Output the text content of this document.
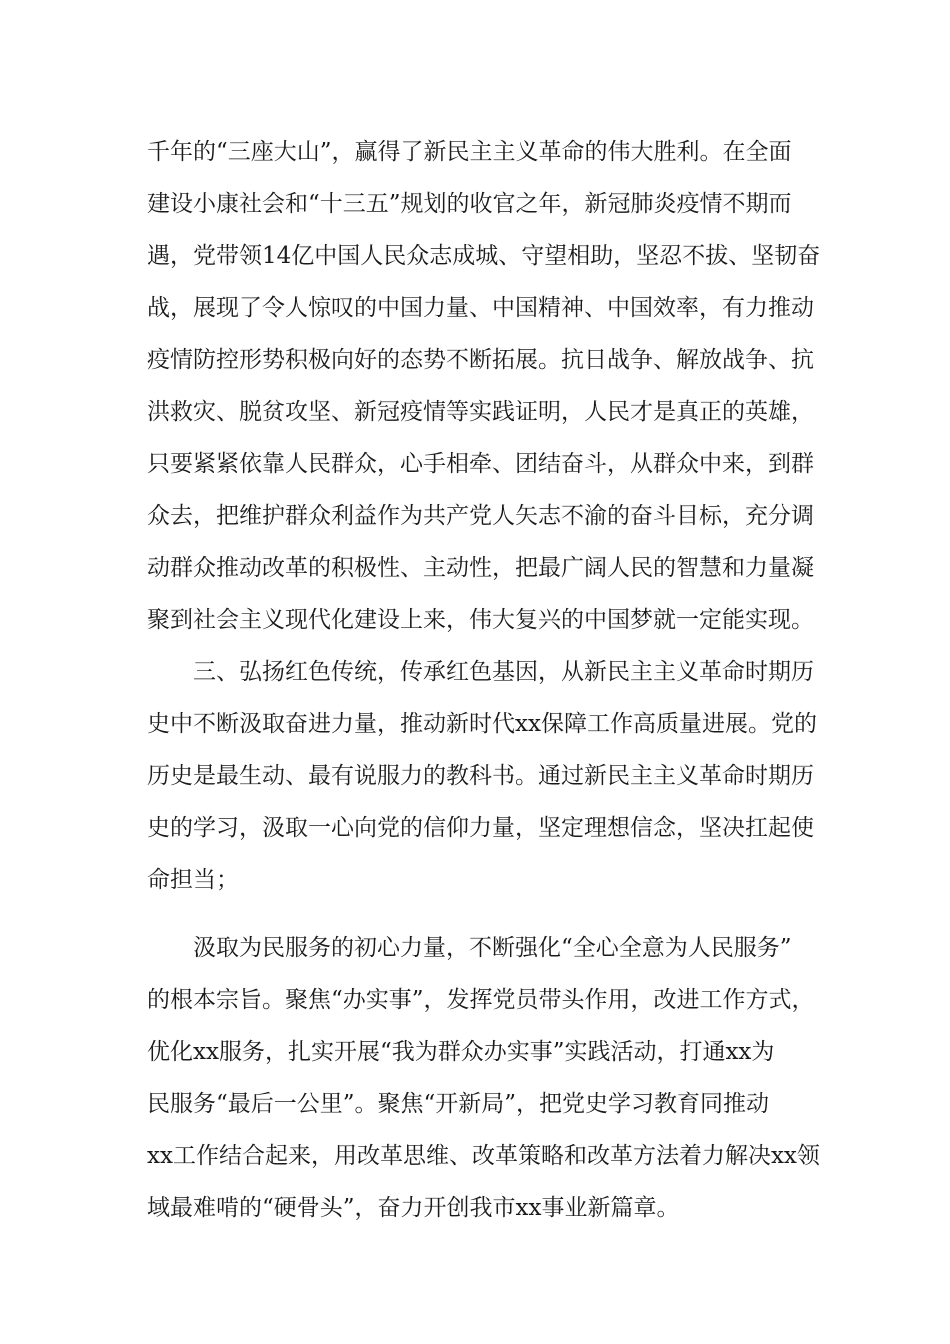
千年的“三座大山”，赢得了新民主主义革命的伟大胜利。在全面
建设小康社会和“十三五”规划的收官之年，新冠肺炎疫情不期而
遇，党带领14亿中国人民众志成城、守望相助，坚忍不拔、坚韧奋
战，展现了令人惊叹的中国力量、中国精神、中国效率，有力推动
疫情防控形势积极向好的态势不断拓展。抗日战争、解放战争、抗
洪救灾、脱贫攻坚、新冠疫情等实践证明，人民才是真正的英雄，
只要紧紧依靠人民群众，心手相牵、团结奋斗，从群众中来，到群
众去，把维护群众利益作为共产党人矢志不渝的奋斗目标，充分调
动群众推动改革的积极性、主动性，把最广阔人民的智慧和力量凝
聚到社会主义现代化建设上来，伟大复兴的中国梦就一定能实现。
三、弘扬红色传统，传承红色基因，从新民主主义革命时期历
史中不断汲取奋进力量，推动新时代xx保障工作高质量进展。党的
历史是最生动、最有说服力的教科书。通过新民主主义革命时期历
史的学习，汲取一心向党的信仰力量，坚定理想信念，坚决扛起使
命担当；
汲取为民服务的初心力量，不断强化“全心全意为人民服务”
的根本宗旨。聚焦“办实事”，发挥党员带头作用，改进工作方式，
优化xx服务，扎实开展“我为群众办实事”实践活动，打通xx为
民服务“最后一公里”。聚焦“开新局”，把党史学习教育同推动
xx工作结合起来，用改革思维、改革策略和改革方法着力解决xx领
域最难啃的“硬骨头”，奋力开创我市xx事业新篇章。
